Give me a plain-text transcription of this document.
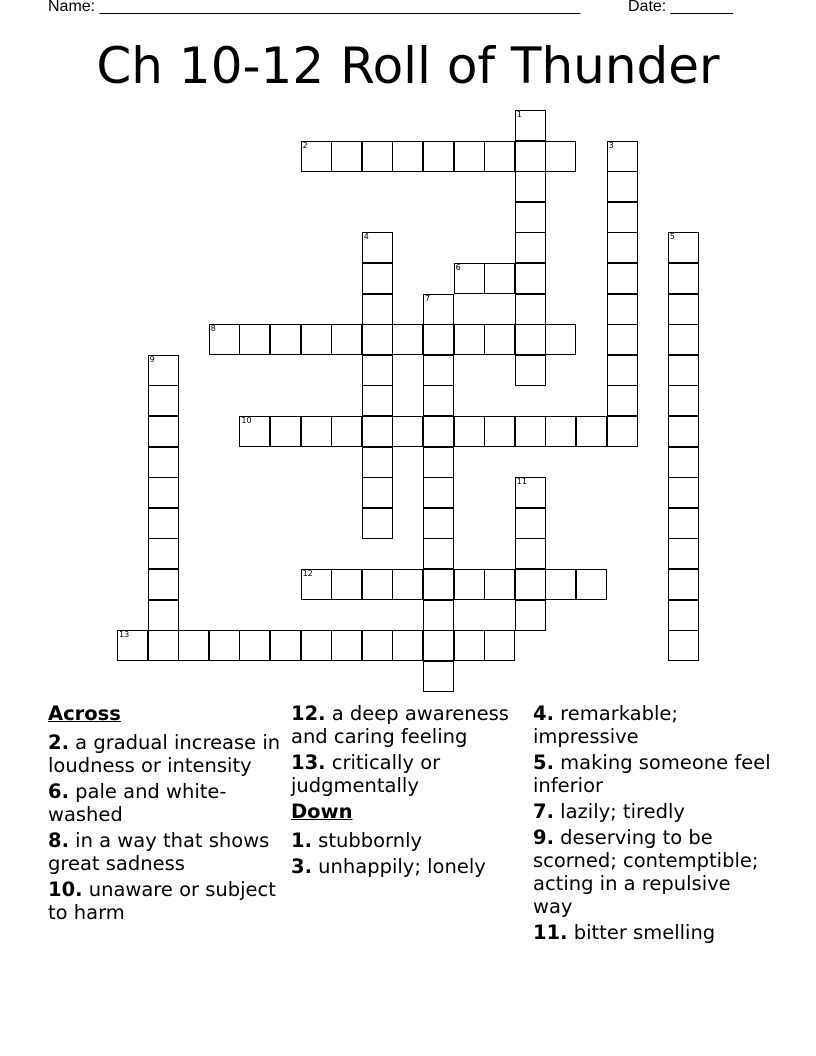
Name: ______________________________________________________	Date: _______
Ch 10-12 Roll of Thunder
1
2	3
4	5
6
7
8
9
10
11
12
13
Across
2. a gradual increase in loudness or intensity
6. pale and white-washed
8. in a way that shows great sadness
10. unaware or subject to harm
12. a deep awareness and caring feeling
13. critically or judgmentally
Down
1. stubbornly
3. unhappily; lonely
4. remarkable; impressive
5. making someone feel inferior
7. lazily; tiredly
9. deserving to be scorned; contemptible; acting in a repulsive way
11. bitter smelling
